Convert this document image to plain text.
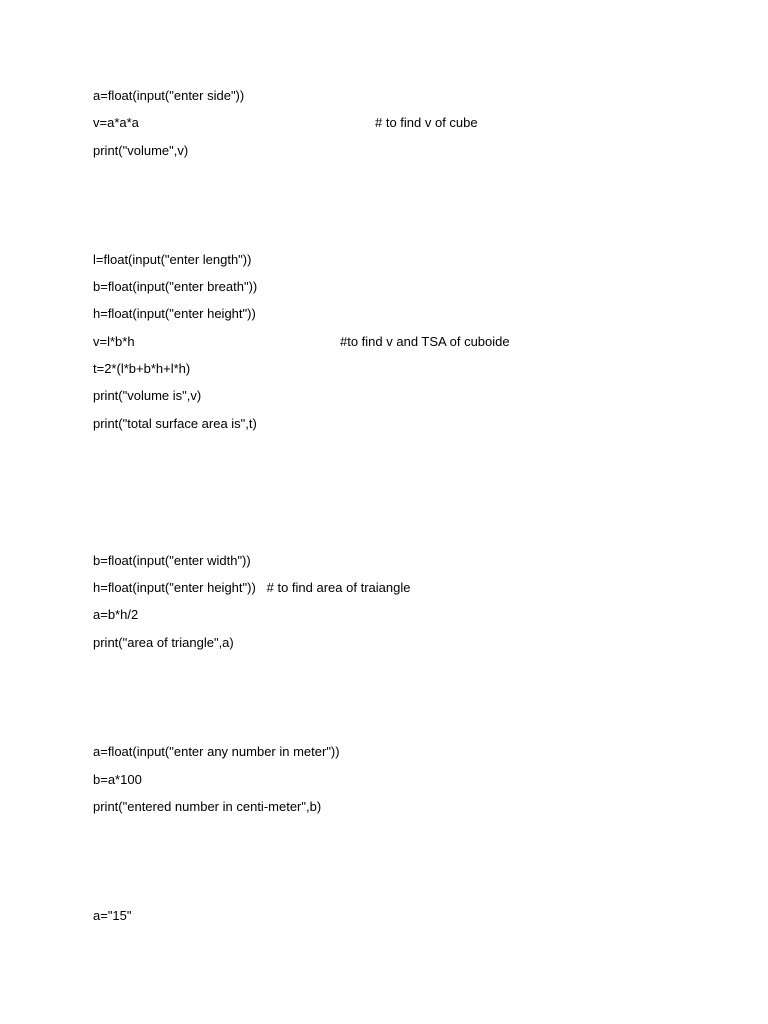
a=float(input("enter side"))
v=a*a*a	# to find v of cube
print("volume",v)
l=float(input("enter length"))
b=float(input("enter breath"))
h=float(input("enter height"))
v=l*b*h	#to find v and TSA of cuboide
t=2*(l*b+b*h+l*h)
print("volume is",v)
print("total surface area is",t)
b=float(input("enter width"))
h=float(input("enter height"))   # to find area of traiangle
a=b*h/2
print("area of triangle",a)
a=float(input("enter any number in meter"))
b=a*100
print("entered number in centi-meter",b)
a="15"
